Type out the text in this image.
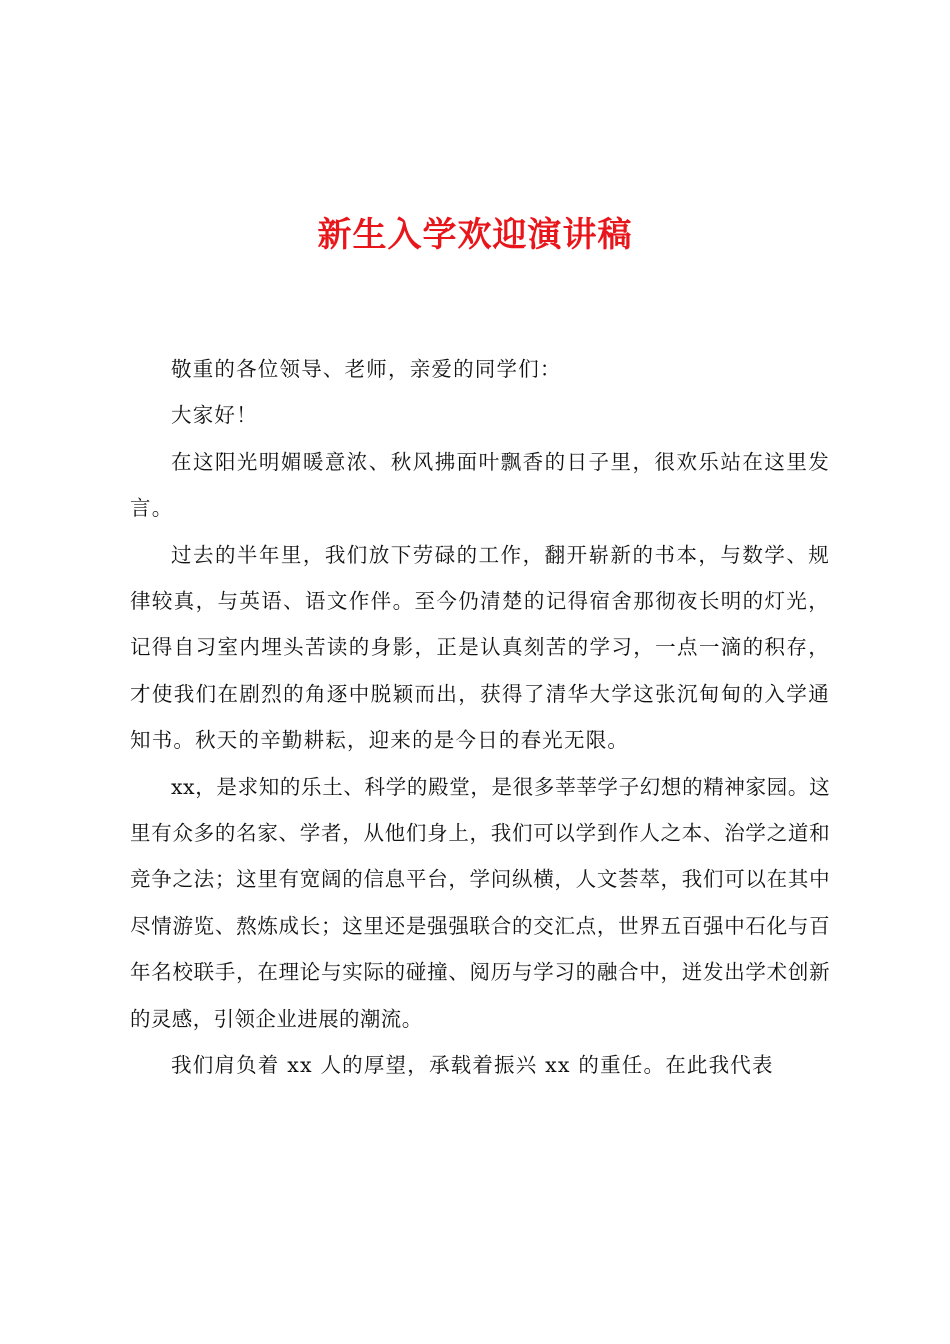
新生入学欢迎演讲稿

敬重的各位领导、老师，亲爱的同学们：

大家好！

在这阳光明媚暖意浓、秋风拂面叶飘香的日子里，很欢乐站在这里发言。

过去的半年里，我们放下劳碌的工作，翻开崭新的书本，与数学、规律较真，与英语、语文作伴。至今仍清楚的记得宿舍那彻夜长明的灯光，记得自习室内埋头苦读的身影，正是认真刻苦的学习，一点一滴的积存，才使我们在剧烈的角逐中脱颖而出，获得了清华大学这张沉甸甸的入学通知书。秋天的辛勤耕耘，迎来的是今日的春光无限。

xx，是求知的乐土、科学的殿堂，是很多莘莘学子幻想的精神家园。这里有众多的名家、学者，从他们身上，我们可以学到作人之本、治学之道和竞争之法；这里有宽阔的信息平台，学问纵横，人文荟萃，我们可以在其中尽情游览、熬炼成长；这里还是强强联合的交汇点，世界五百强中石化与百年名校联手，在理论与实际的碰撞、阅历与学习的融合中，迸发出学术创新的灵感，引领企业进展的潮流。

我们肩负着 xx 人的厚望，承载着振兴 xx 的重任。在此我代表
